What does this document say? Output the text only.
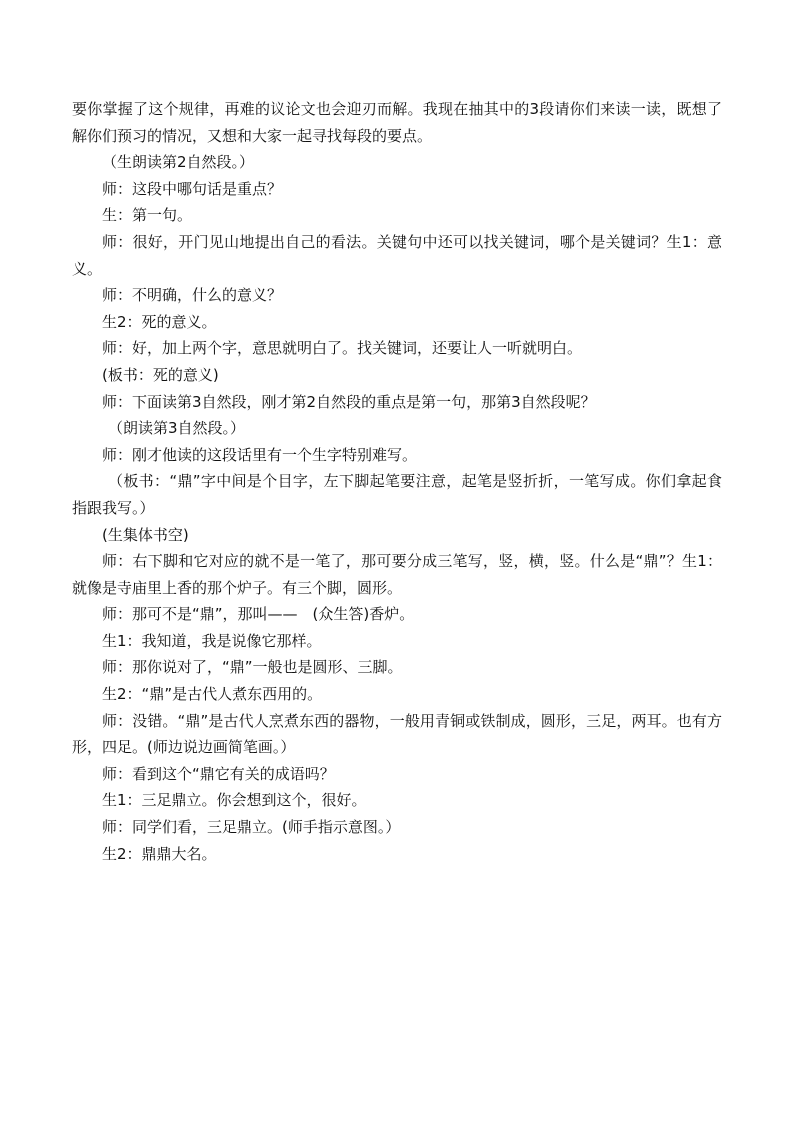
要你掌握了这个规律，再难的议论文也会迎刃而解。我现在抽其中的3段请你们来读一读，既想了解你们预习的情况，又想和大家一起寻找每段的要点。

（生朗读第2自然段。）

师：这段中哪句话是重点？

生：第一句。

师：很好，开门见山地提出自己的看法。关键句中还可以找关键词，哪个是关键词？生1：意义。

师：不明确，什么的意义？

生2：死的意义。

师：好，加上两个字，意思就明白了。找关键词，还要让人一听就明白。

(板书：死的意义)

师：下面读第3自然段，刚才第2自然段的重点是第一句，那第3自然段呢？

（朗读第3自然段。）

师：刚才他读的这段话里有一个生字特别难写。

（板书：“鼎”字中间是个目字，左下脚起笔要注意，起笔是竖折折，一笔写成。你们拿起食指跟我写。）

(生集体书空)

师：右下脚和它对应的就不是一笔了，那可要分成三笔写，竖，横，竖。什么是“鼎”？生1：就像是寺庙里上香的那个炉子。有三个脚，圆形。

师：那可不是“鼎”，那叫——　(众生答)香炉。

生1：我知道，我是说像它那样。

师：那你说对了，“鼎”一般也是圆形、三脚。

生2：“鼎”是古代人煮东西用的。

师：没错。“鼎”是古代人烹煮东西的器物，一般用青铜或铁制成，圆形，三足，两耳。也有方形，四足。(师边说边画简笔画。）

师：看到这个“鼎它有关的成语吗？

生1：三足鼎立。你会想到这个，很好。

师：同学们看，三足鼎立。(师手指示意图。）

生2：鼎鼎大名。
